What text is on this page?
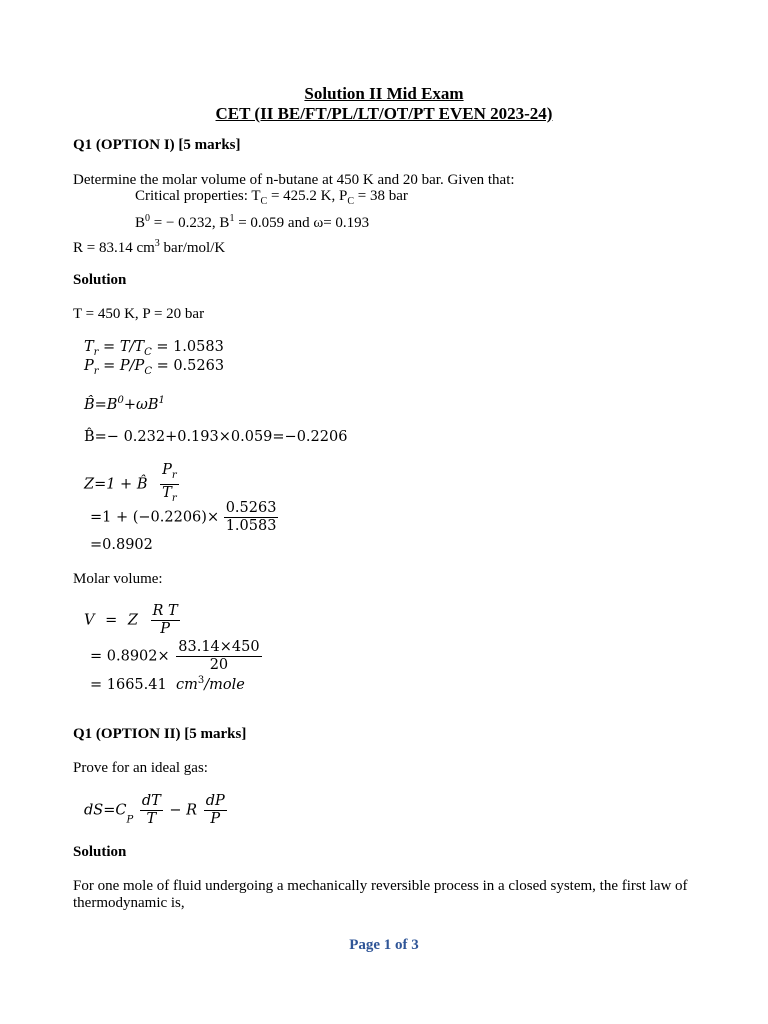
Solution II Mid Exam
CET (II BE/FT/PL/LT/OT/PT EVEN 2023-24)
Q1 (OPTION I) [5 marks]
Determine the molar volume of n-butane at 450 K and 20 bar. Given that:
Critical properties: $T_C = 425.2$ K, $P_C = 38$ bar
$B^0$ = − 0.232, $B^1 = 0.059$ and ω= 0.193
R = 83.14 $cm^3$ bar/mol/K
Solution
T = 450 K, P = 20 bar
$T_r = T/T_C = 1.0583$
$P_r = P/P_C = 0.5263$
$B̂=B^0+\omega B^1$
B̂=− 0.232+0.193×0.059=−0.2206
Z=1 + B̂ $\frac{P_r}{T_r}$
$=1 + (-0.2206)\times \frac{0.5263}{1.0583}$
=0.8902
Molar volume:
V = Z $\frac{\text{R T}}{P}$
= $0.8902\times \frac{83.14\times 450}{20}$
= 1665.41 $cm^3$/mole
Q1 (OPTION II) [5 marks]
Prove for an ideal gas:
$dS=C_P \frac{dT}{T} - R \frac{dP}{P}$
Solution
For one mole of fluid undergoing a mechanically reversible process in a closed system, the first law of thermodynamic is,
Page 1 of 3
